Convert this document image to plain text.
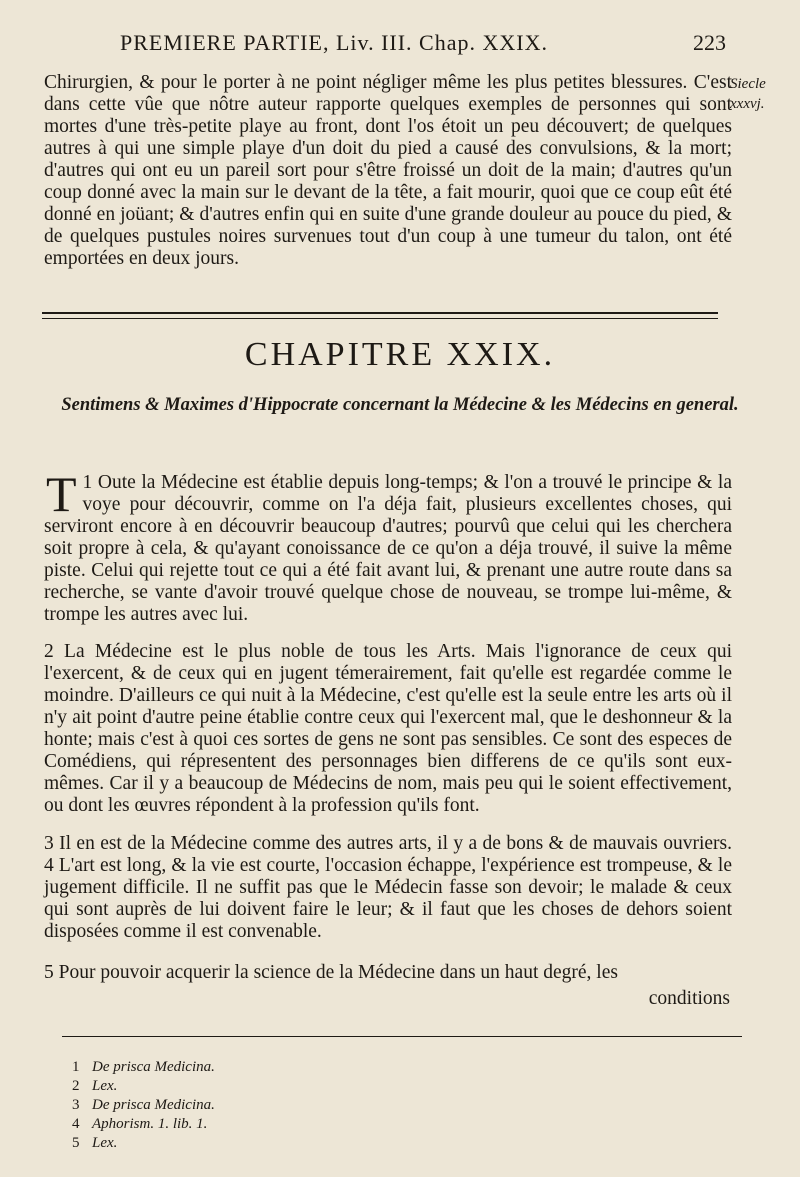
PREMIERE PARTIE, Liv. III. Chap. XXIX.	223
Siecle xxxvj.

Chirurgien, & pour le porter à ne point négliger même les plus petites blessures. C'est dans cette vûe que nôtre auteur rapporte quelques exemples de personnes qui sont mortes d'une très-petite playe au front, dont l'os étoit un peu découvert; de quelques autres à qui une simple playe d'un doit du pied a causé des convulsions, & la mort; d'autres qui ont eu un pareil sort pour s'être froissé un doit de la main; d'autres qu'un coup donné avec la main sur le devant de la tête, a fait mourir, quoi que ce coup eût été donné en joüant; & d'autres enfin qui en suite d'une grande douleur au pouce du pied, & de quelques pustules noires survenues tout d'un coup à une tumeur du talon, ont été emportées en deux jours.

CHAPITRE XXIX.
Sentimens & Maximes d'Hippocrate concernant la Médecine & les Médecins en general.

1
T Oute la Médecine est établie depuis long-temps; & l'on a trouvé le principe & la voye pour découvrir, comme on l'a déja fait, plusieurs excellentes choses, qui serviront encore à en découvrir beaucoup d'autres; pourvû que celui qui les cherchera soit propre à cela, & qu'ayant conoissance de ce qu'on a déja trouvé, il suive la même piste. Celui qui rejette tout ce qui a été fait avant lui, & prenant une autre route dans sa recherche, se vante d'avoir trouvé quelque chose de nouveau, se trompe lui-même, & trompe les autres avec lui.

2 La Médecine est le plus noble de tous les Arts. Mais l'ignorance de ceux qui l'exercent, & de ceux qui en jugent témerairement, fait qu'elle est regardée comme le moindre. D'ailleurs ce qui nuit à la Médecine, c'est qu'elle est la seule entre les arts où il n'y ait point d'autre peine établie contre ceux qui l'exercent mal, que le deshonneur & la honte; mais c'est à quoi ces sortes de gens ne sont pas sensibles. Ce sont des especes de Comédiens, qui répresentent des personnages bien differens de ce qu'ils sont eux-mêmes. Car il y a beaucoup de Médecins de nom, mais peu qui le soient effectivement, ou dont les œuvres répondent à la profession qu'ils font.

3 Il en est de la Médecine comme des autres arts, il y a de bons & de mauvais ouvriers. 4 L'art est long, & la vie est courte, l'occasion échappe, l'expérience est trompeuse, & le jugement difficile. Il ne suffit pas que le Médecin fasse son devoir; le malade & ceux qui sont auprès de lui doivent faire le leur; & il faut que les choses de dehors soient disposées comme il est convenable.

5 Pour pouvoir acquerir la science de la Médecine dans un haut degré, les

conditions
1 De prisca Medicina.
2 Lex.
3 De prisca Medicina.
4 Aphorism. 1. lib. 1.
5 Lex.
